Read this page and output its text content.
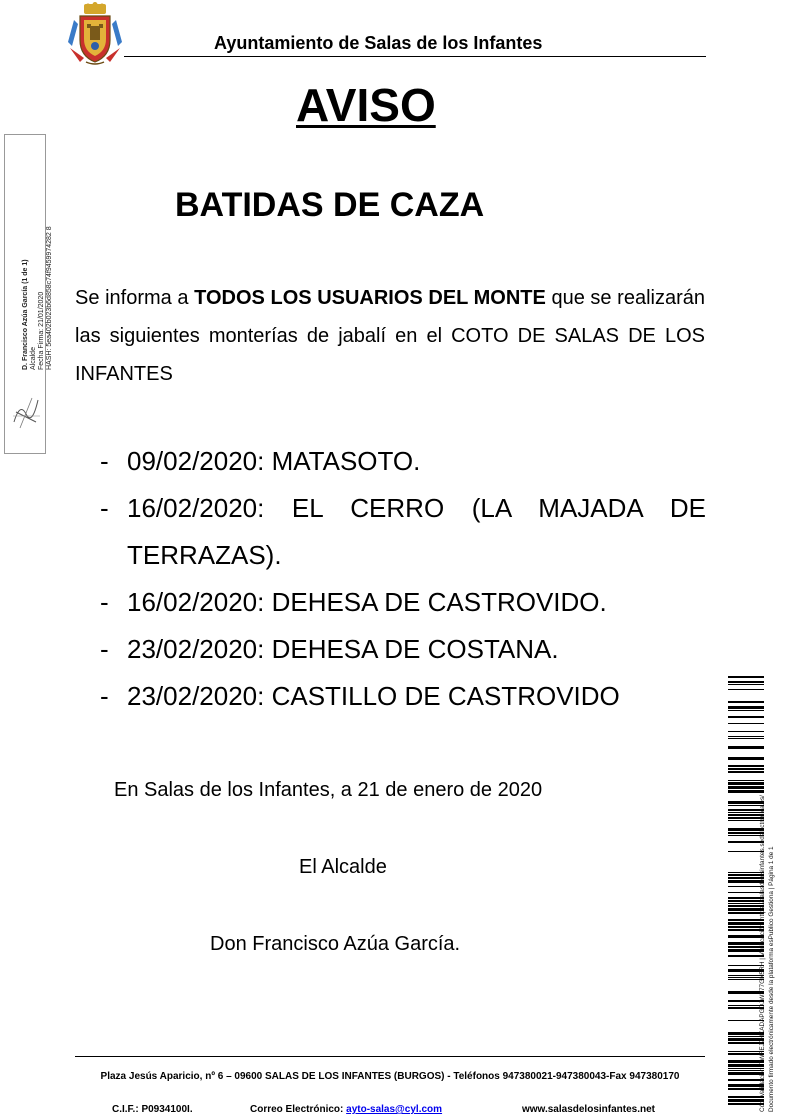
Ayuntamiento de Salas de los Infantes
AVISO
BATIDAS DE CAZA

Se informa a TODOS LOS USUARIOS DEL MONTE que se realizarán las siguientes monterías de jabalí en el COTO DE SALAS DE LOS INFANTES

- 09/02/2020: MATASOTO.
- 16/02/2020: EL CERRO (LA MAJADA DE TERRAZAS).
- 16/02/2020: DEHESA DE CASTROVIDO.
- 23/02/2020: DEHESA DE COSTANA.
- 23/02/2020: CASTILLO DE CASTROVIDO
En Salas de los Infantes, a 21 de enero de 2020
El Alcalde
Don Francisco Azúa García.
Plaza Jesús Aparicio, nº 6 – 09600 SALAS DE LOS INFANTES (BURGOS) - Teléfonos 947380021-947380043-Fax 947380170
C.I.F.: P0934100I.	Correo Electrónico: ayto-salas@cyl.com	www.salasdelosinfantes.net
D. Francisco Azúa García (1 de 1) Alcalde Fecha Firma: 21/01/2020 HASH: 5ea402b023b6d858c74f9459974282 8
Cód. Validación: 7WFEJ9HKADAPGDJW377GN5RH | Verificación: https://salasdelosinfantes.sedelectronica.es/ Documento firmado electrónicamente desde la plataforma esPublico Gestiona | Página 1 de 1
